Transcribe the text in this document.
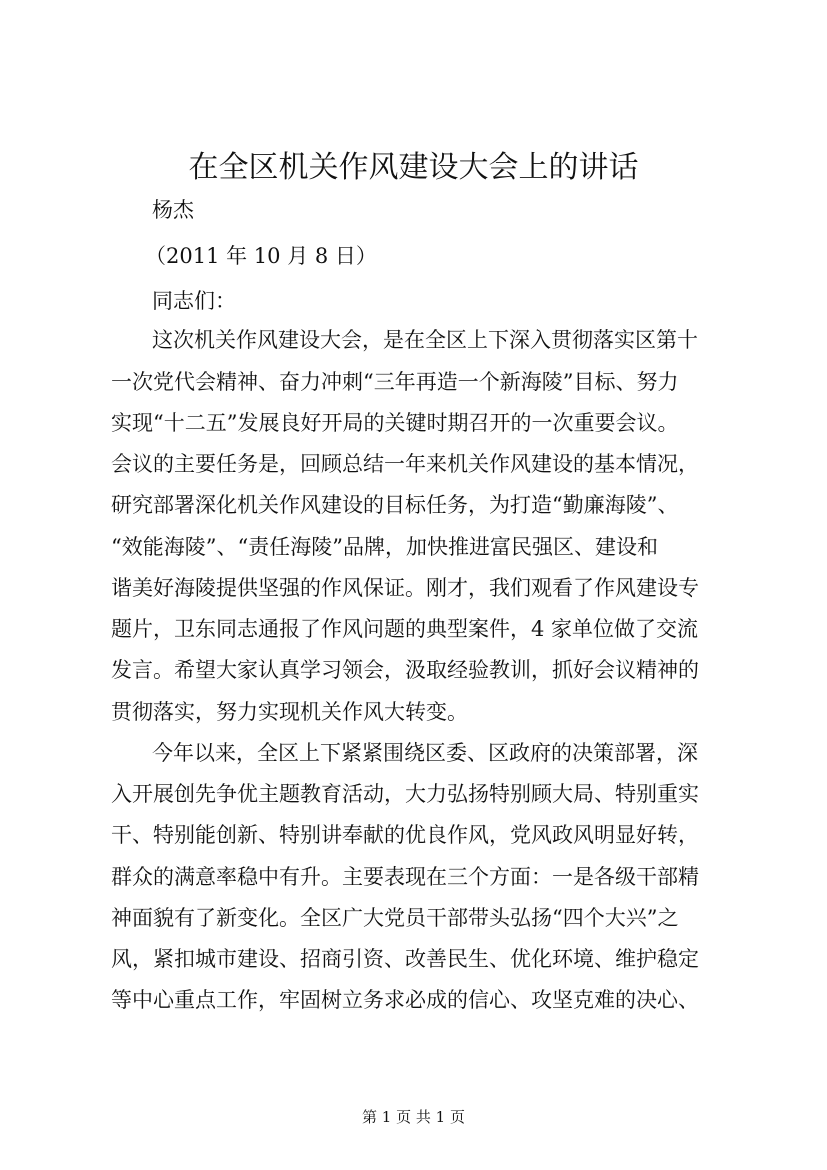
在全区机关作风建设大会上的讲话

杨杰

（2011 年 10 月 8 日）

同志们：

这次机关作风建设大会，是在全区上下深入贯彻落实区第十

一次党代会精神、奋力冲刺“三年再造一个新海陵”目标、努力

实现“十二五”发展良好开局的关键时期召开的一次重要会议。

会议的主要任务是，回顾总结一年来机关作风建设的基本情况，

研究部署深化机关作风建设的目标任务，为打造“勤廉海陵”、

“效能海陵”、“责任海陵”品牌，加快推进富民强区、建设和

谐美好海陵提供坚强的作风保证。刚才，我们观看了作风建设专

题片，卫东同志通报了作风问题的典型案件，4 家单位做了交流

发言。希望大家认真学习领会，汲取经验教训，抓好会议精神的

贯彻落实，努力实现机关作风大转变。

今年以来，全区上下紧紧围绕区委、区政府的决策部署，深

入开展创先争优主题教育活动，大力弘扬特别顾大局、特别重实

干、特别能创新、特别讲奉献的优良作风，党风政风明显好转，

群众的满意率稳中有升。主要表现在三个方面：一是各级干部精

神面貌有了新变化。全区广大党员干部带头弘扬“四个大兴”之

风，紧扣城市建设、招商引资、改善民生、优化环境、维护稳定

等中心重点工作，牢固树立务求必成的信心、攻坚克难的决心、

第 1 页 共 1 页
